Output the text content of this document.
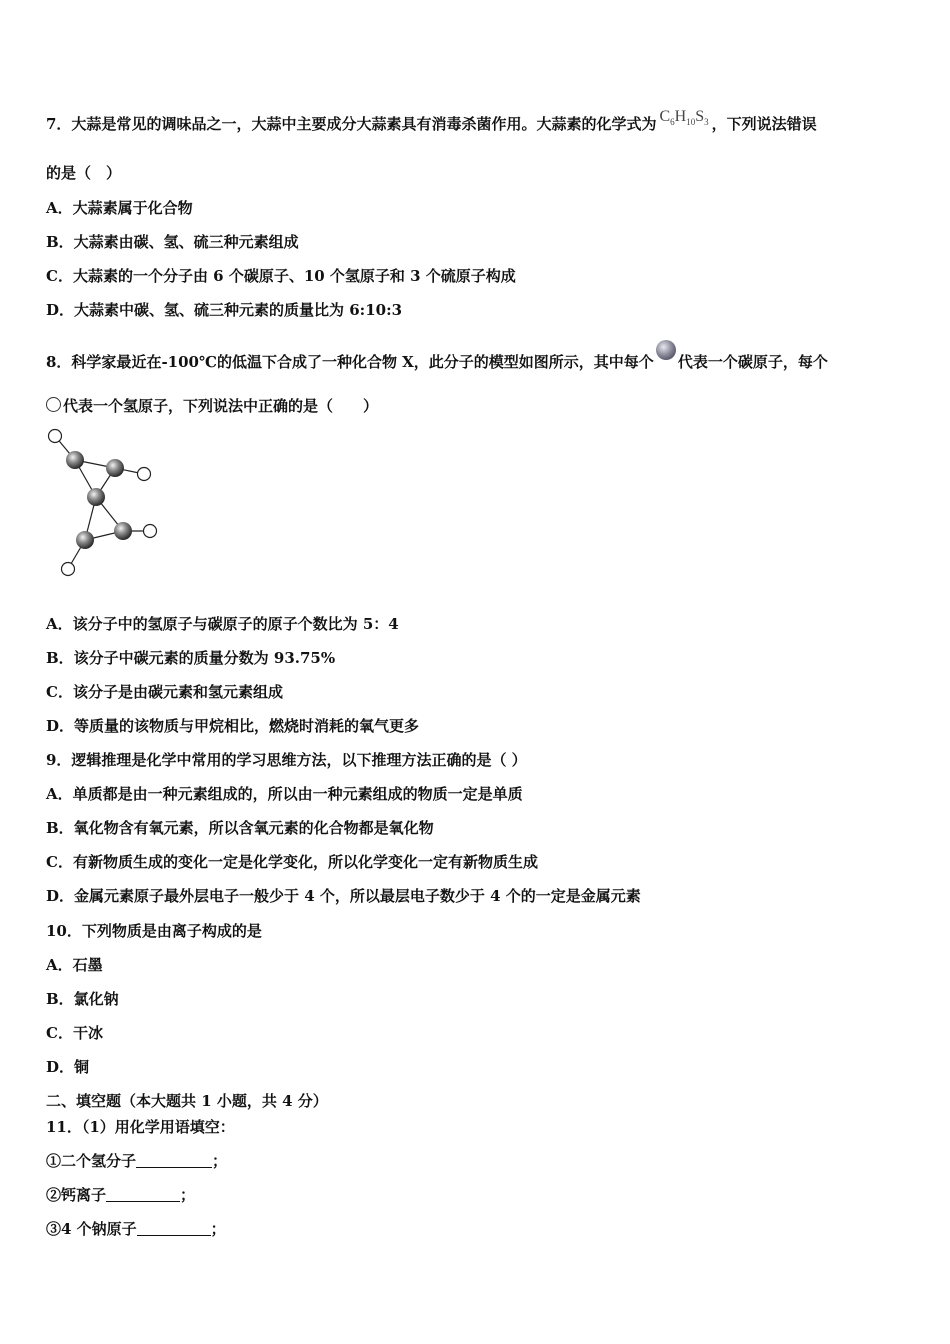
7．大蒜是常见的调味品之一，大蒜中主要成分大蒜素具有消毒杀菌作用。大蒜素的化学式为 $C_6H_{10}S_3$ ，下列说法错误
的是（　）
A．大蒜素属于化合物
B．大蒜素由碳、氢、硫三种元素组成
C．大蒜素的一个分子由 6 个碳原子、10 个氢原子和 3 个硫原子构成
D．大蒜素中碳、氢、硫三种元素的质量比为 6:10:3
8．科学家最近在-100℃的低温下合成了一种化合物 X，此分子的模型如图所示，其中每个 代表一个碳原子，每个
代表一个氢原子，下列说法中正确的是（　　）
A．该分子中的氢原子与碳原子的原子个数比为 5：4
B．该分子中碳元素的质量分数为 93.75%
C．该分子是由碳元素和氢元素组成
D．等质量的该物质与甲烷相比，燃烧时消耗的氧气更多
9．逻辑推理是化学中常用的学习思维方法，以下推理方法正确的是（ ）
A．单质都是由一种元素组成的，所以由一种元素组成的物质一定是单质
B．氧化物含有氧元素，所以含氧元素的化合物都是氧化物
C．有新物质生成的变化一定是化学变化，所以化学变化一定有新物质生成
D．金属元素原子最外层电子一般少于 4 个，所以最层电子数少于 4 个的一定是金属元素
10．下列物质是由离子构成的是
A．石墨
B．氯化钠
C．干冰
D．铜
二、填空题（本大题共 1 小题，共 4 分）
11．（1）用化学用语填空：
①二个氢分子	；
②钙离子	；
③4 个钠原子	；
